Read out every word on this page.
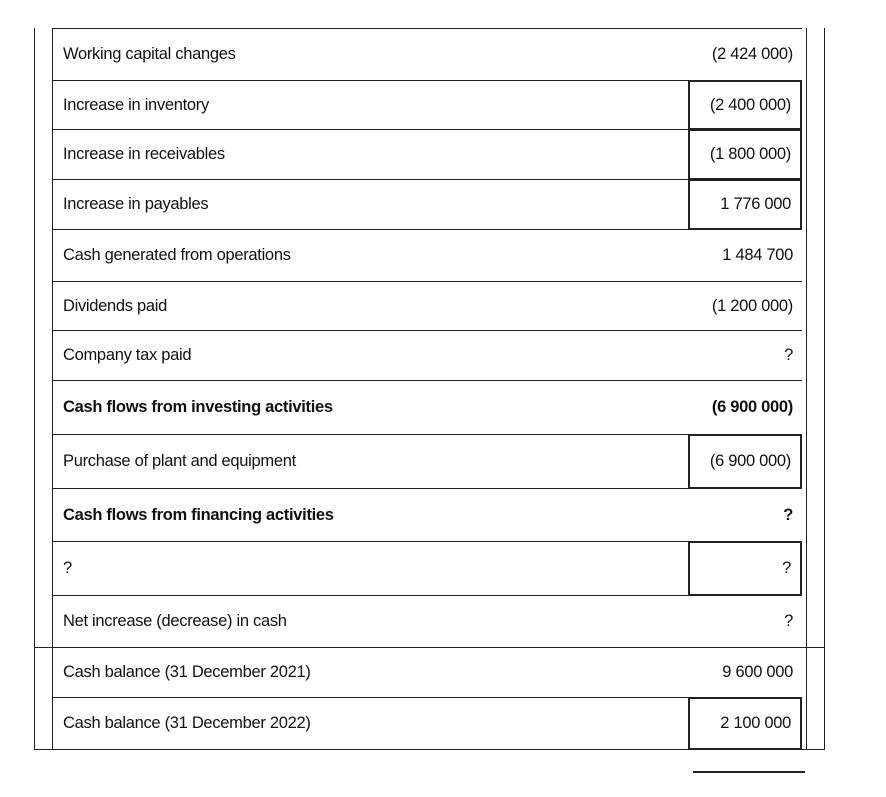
Working capital changes	(2 424 000)
Increase in inventory	(2 400 000)
Increase in receivables	(1 800 000)
Increase in payables	1 776 000
Cash generated from operations	1 484 700
Dividends paid	(1 200 000)
Company tax paid	?
Cash flows from investing activities	(6 900 000)
Purchase of plant and equipment	(6 900 000)
Cash flows from financing activities	?
?	?
Net increase (decrease) in cash	?
Cash balance (31 December 2021)	9 600 000
Cash balance (31 December 2022)	2 100 000
